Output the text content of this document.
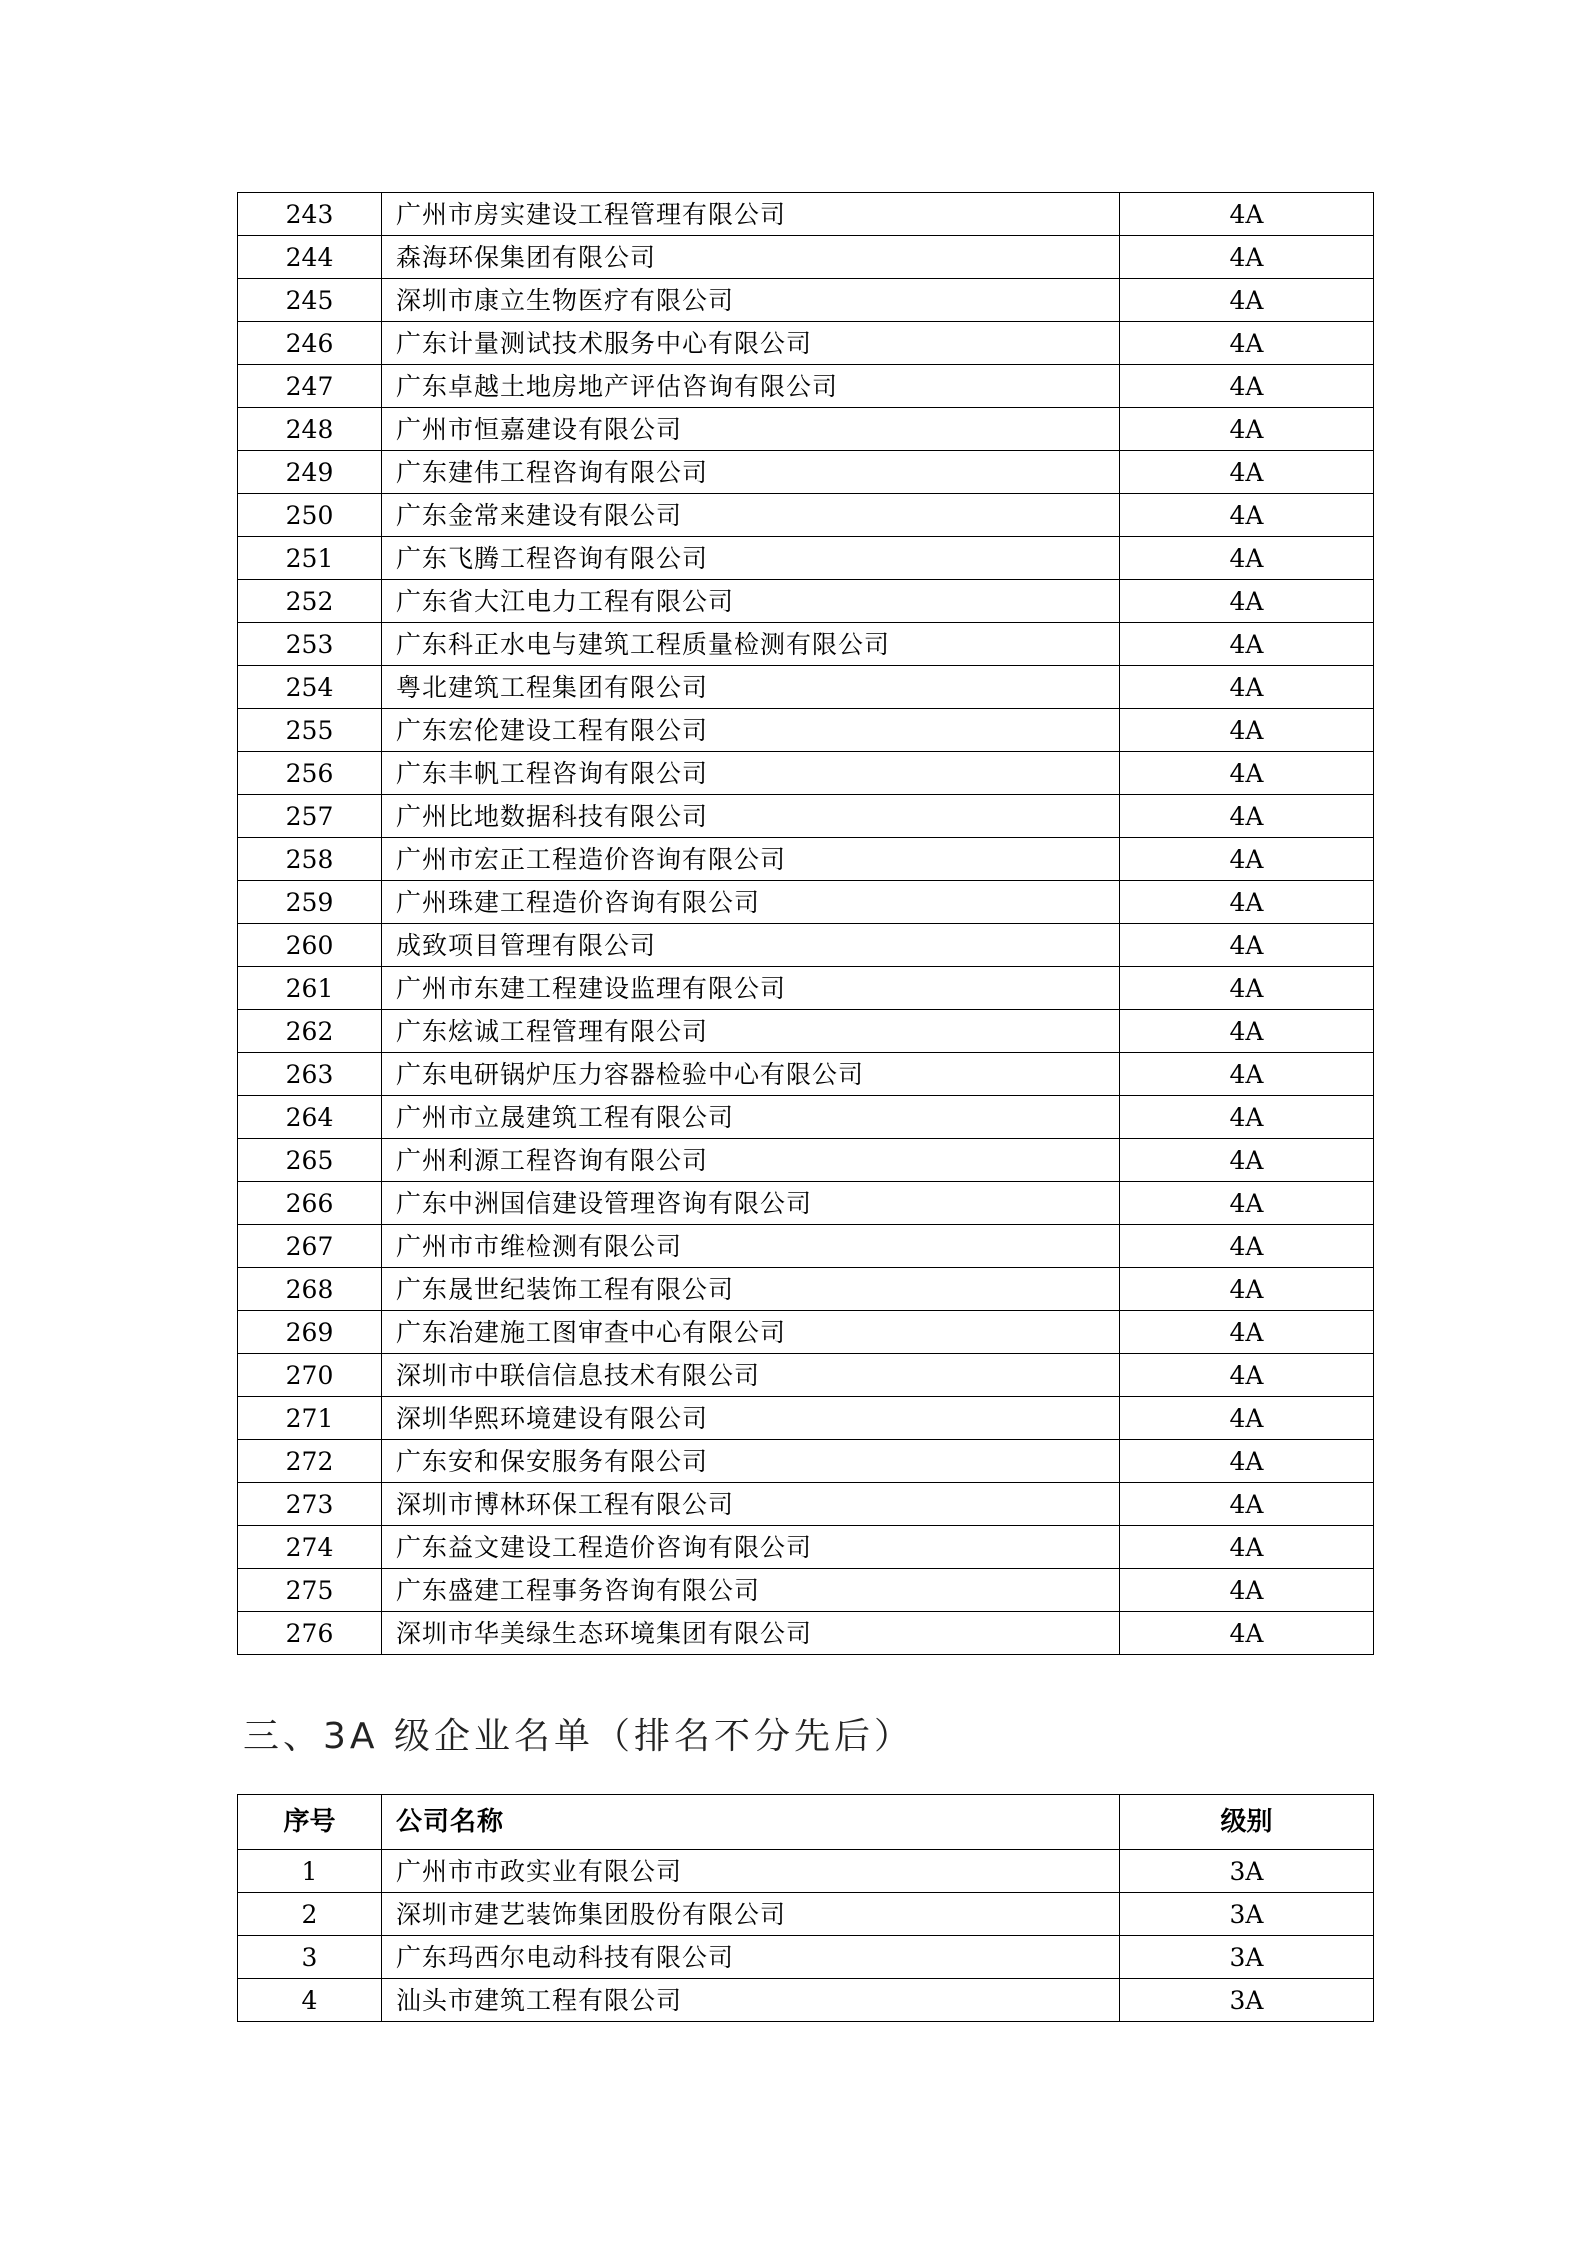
243	广州市房实建设工程管理有限公司	4A
244	森海环保集团有限公司	4A
245	深圳市康立生物医疗有限公司	4A
246	广东计量测试技术服务中心有限公司	4A
247	广东卓越土地房地产评估咨询有限公司	4A
248	广州市恒嘉建设有限公司	4A
249	广东建伟工程咨询有限公司	4A
250	广东金常来建设有限公司	4A
251	广东飞腾工程咨询有限公司	4A
252	广东省大江电力工程有限公司	4A
253	广东科正水电与建筑工程质量检测有限公司	4A
254	粤北建筑工程集团有限公司	4A
255	广东宏伦建设工程有限公司	4A
256	广东丰帆工程咨询有限公司	4A
257	广州比地数据科技有限公司	4A
258	广州市宏正工程造价咨询有限公司	4A
259	广州珠建工程造价咨询有限公司	4A
260	成致项目管理有限公司	4A
261	广州市东建工程建设监理有限公司	4A
262	广东炫诚工程管理有限公司	4A
263	广东电研锅炉压力容器检验中心有限公司	4A
264	广州市立晟建筑工程有限公司	4A
265	广州利源工程咨询有限公司	4A
266	广东中洲国信建设管理咨询有限公司	4A
267	广州市市维检测有限公司	4A
268	广东晟世纪装饰工程有限公司	4A
269	广东冶建施工图审查中心有限公司	4A
270	深圳市中联信信息技术有限公司	4A
271	深圳华熙环境建设有限公司	4A
272	广东安和保安服务有限公司	4A
273	深圳市博林环保工程有限公司	4A
274	广东益文建设工程造价咨询有限公司	4A
275	广东盛建工程事务咨询有限公司	4A
276	深圳市华美绿生态环境集团有限公司	4A
三、3A 级企业名单（排名不分先后）
序号	公司名称	级别
1	广州市市政实业有限公司	3A
2	深圳市建艺装饰集团股份有限公司	3A
3	广东玛西尔电动科技有限公司	3A
4	汕头市建筑工程有限公司	3A
